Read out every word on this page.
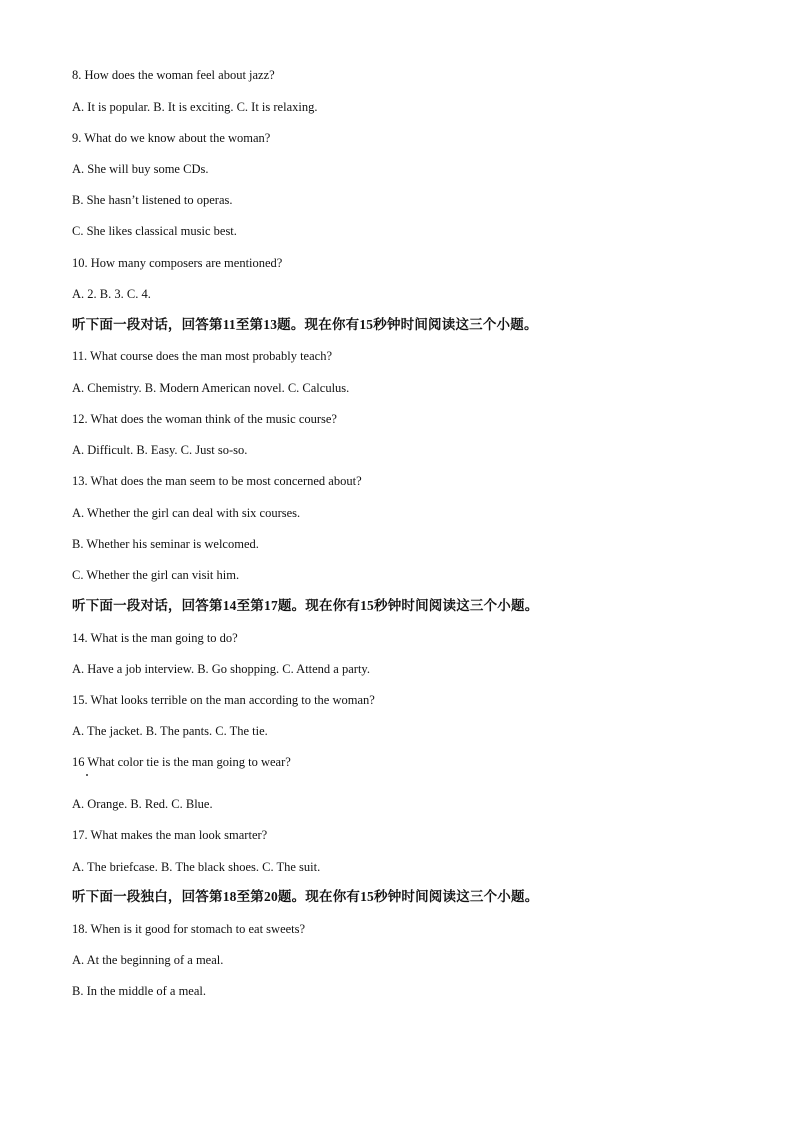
8. How does the woman feel about jazz?
A. It is popular. B. It is exciting. C. It is relaxing.
9. What do we know about the woman?
A. She will buy some CDs.
B. She hasn’t listened to operas.
C. She likes classical music best.
10. How many composers are mentioned?
A. 2. B. 3. C. 4.
听下面一段对话，回答第11至第13题。现在你有15秒钟时间阅读这三个小题。
11. What course does the man most probably teach?
A. Chemistry. B. Modern American novel. C. Calculus.
12. What does the woman think of the music course?
A. Difficult. B. Easy. C. Just so-so.
13. What does the man seem to be most concerned about?
A. Whether the girl can deal with six courses.
B. Whether his seminar is welcomed.
C. Whether the girl can visit him.
听下面一段对话，回答第14至第17题。现在你有15秒钟时间阅读这三个小题。
14. What is the man going to do?
A. Have a job interview. B. Go shopping. C. Attend a party.
15. What looks terrible on the man according to the woman?
A. The jacket. B. The pants. C. The tie.
16 What color tie is the man going to wear?
A. Orange. B. Red. C. Blue.
17. What makes the man look smarter?
A. The briefcase. B. The black shoes. C. The suit.
听下面一段独白，回答第18至第20题。现在你有15秒钟时间阅读这三个小题。
18. When is it good for stomach to eat sweets?
A. At the beginning of a meal.
B. In the middle of a meal.
